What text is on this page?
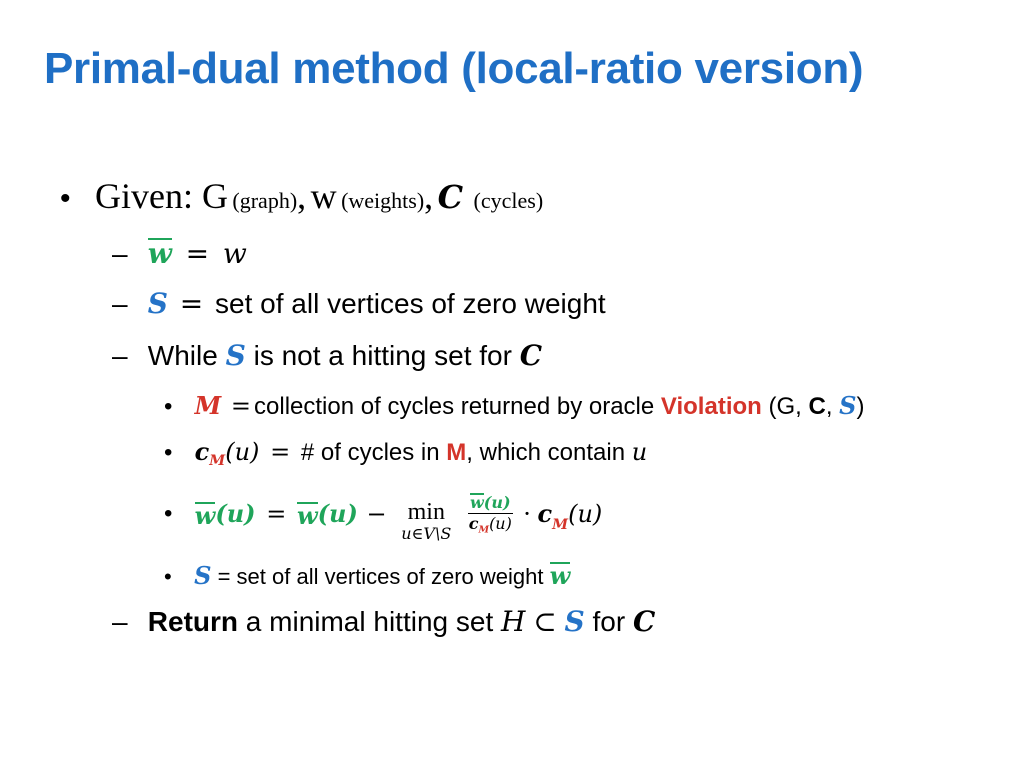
Primal-dual method (local-ratio version)
• Given: G (graph), w (weights), C (cycles)
– w = w
– S = set of all vertices of zero weight
– While S is not a hitting set for C
• M = collection of cycles returned by oracle Violation (G, C, S)
• $c_M(u)$ = # of cycles in M, which contain u
• w(u) = w(u) − min
u∈V\S
$\frac{w(u)}{c_M(u)} \cdot c_M(u)$
• S = set of all vertices of zero weight w
– Return a minimal hitting set H ⊂ S for C
